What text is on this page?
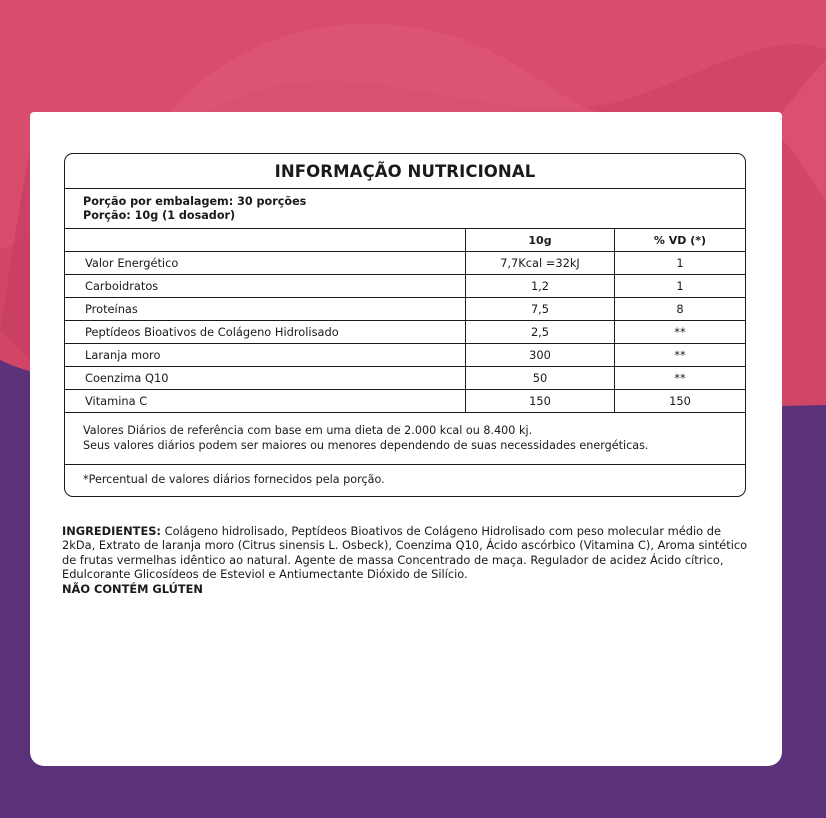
INFORMAÇÃO NUTRICIONAL
Porção por embalagem: 30 porções
Porção: 10g (1 dosador)
	10g	% VD (*)
Valor Energético	7,7Kcal =32kJ	1
Carboidratos	1,2	1
Proteínas	7,5	8
Peptídeos Bioativos de Colágeno Hidrolisado	2,5	**
Laranja moro	300	**
Coenzima Q10	50	**
Vitamina C	150	150
Valores Diários de referência com base em uma dieta de 2.000 kcal ou 8.400 kj.
Seus valores diários podem ser maiores ou menores dependendo de suas necessidades energéticas.
*Percentual de valores diários fornecidos pela porção.
INGREDIENTES: Colágeno hidrolisado, Peptídeos Bioativos de Colágeno Hidrolisado com peso molecular médio de 2kDa, Extrato de laranja moro (Citrus sinensis L. Osbeck), Coenzima Q10, Ácido ascórbico (Vitamina C), Aroma sintético de frutas vermelhas idêntico ao natural. Agente de massa Concentrado de maça. Regulador de acidez Ácido cítrico, Edulcorante Glicosídeos de Esteviol e Antiumectante Dióxido de Silício.
NÃO CONTÉM GLÚTEN
